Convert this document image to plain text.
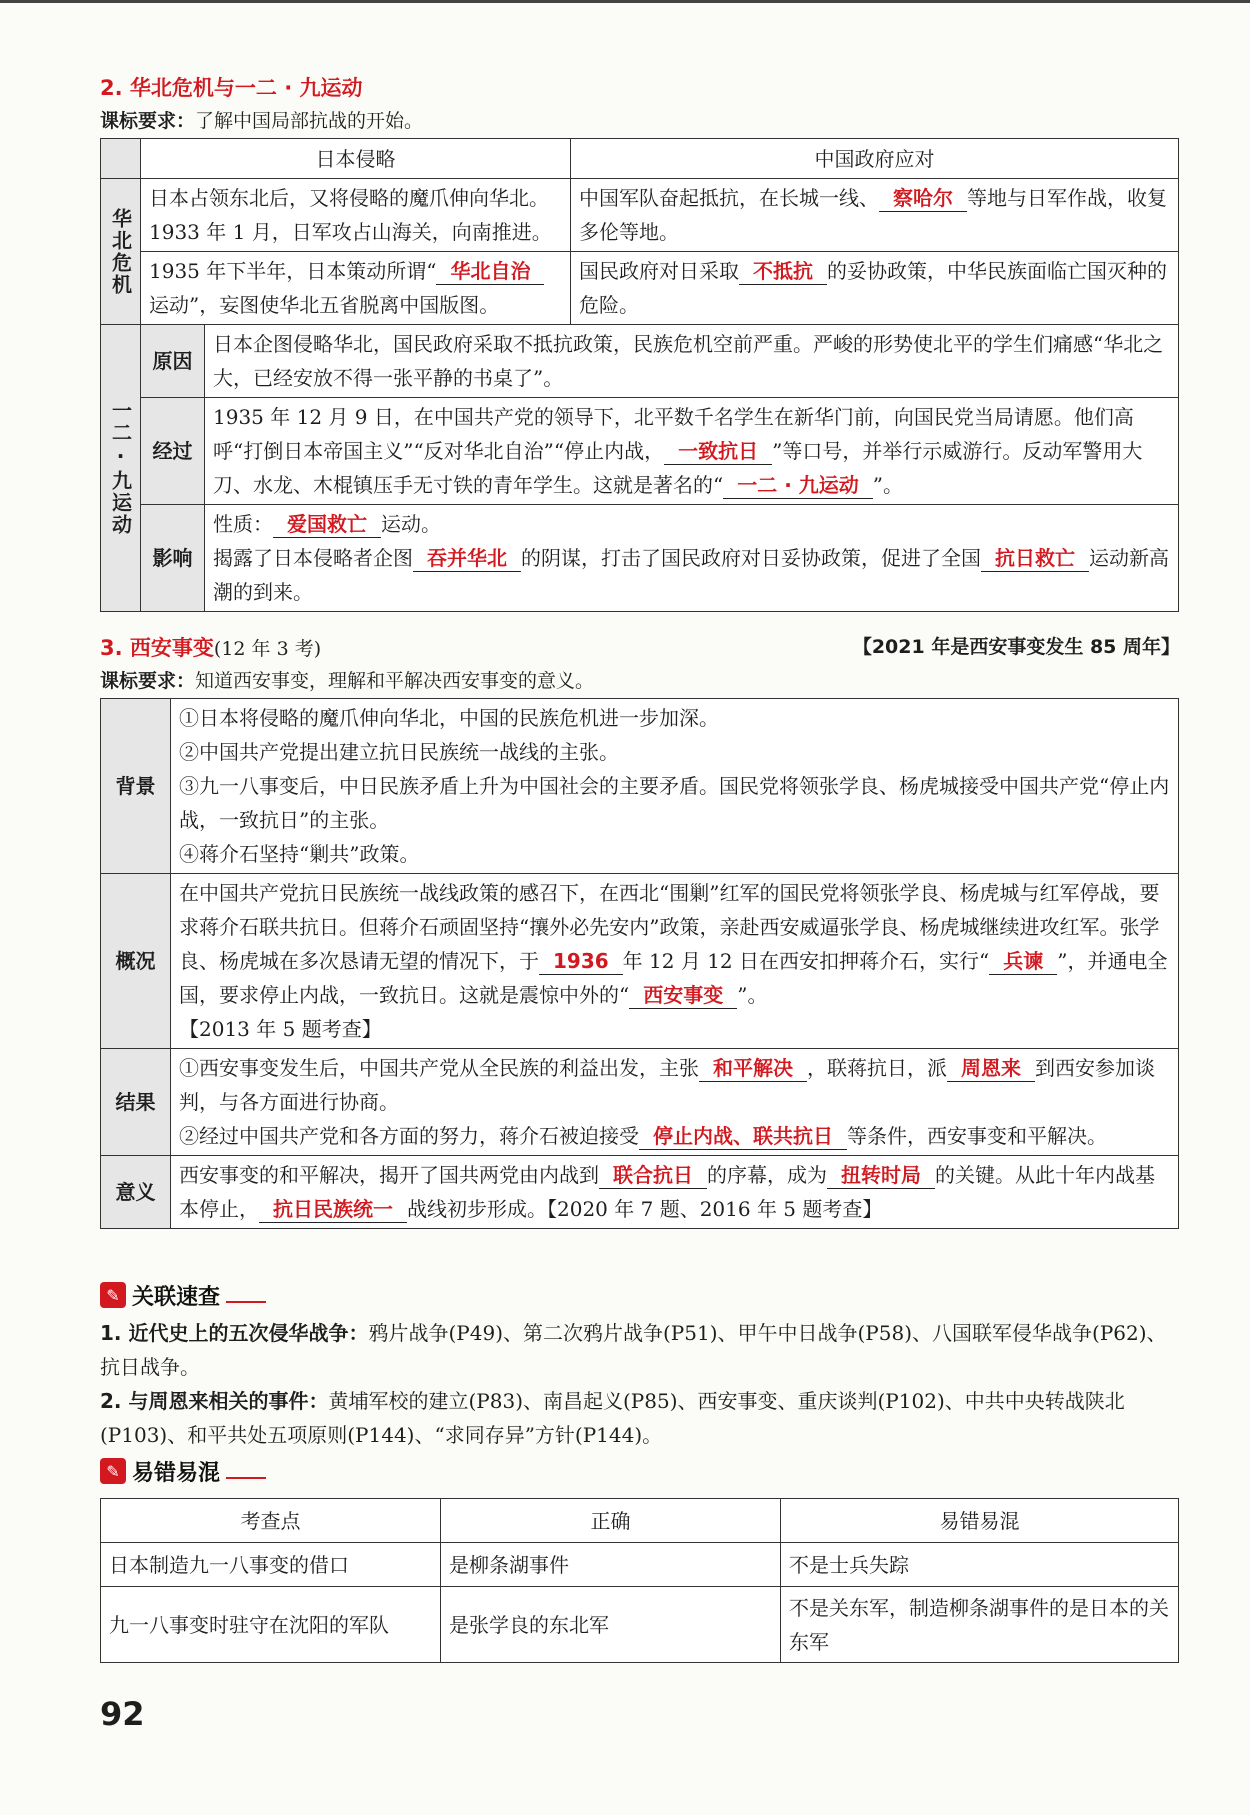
2. 华北危机与一二 · 九运动
课标要求：了解中国局部抗战的开始。
	日本侵略		中国政府应对
华北危机	日本占领东北后，又将侵略的魔爪伸向华北。1933 年 1 月，日军攻占山海关，向南推进。		中国军队奋起抵抗，在长城一线、 察哈尔 等地与日军作战，收复多伦等地。
	1935 年下半年，日本策动所谓“ 华北自治运动”，妄图使华北五省脱离中国版图。		国民政府对日采取 不抵抗 的妥协政策，中华民族面临亡国灭种的危险。
一二·九运动	原因	日本企图侵略华北，国民政府采取不抵抗政策，民族危机空前严重。严峻的形势使北平的学生们痛感“华北之大，已经安放不得一张平静的书桌了”。	
	经过	1935 年 12 月 9 日，在中国共产党的领导下，北平数千名学生在新华门前，向国民党当局请愿。他们高呼“打倒日本帝国主义”“反对华北自治”“停止内战， 一致抗日 ”等口号，并举行示威游行。反动军警用大刀、水龙、木棍镇压手无寸铁的青年学生。这就是著名的“ 一二 · 九运动 ”。	
	影响	性质： 爱国救亡 运动。
揭露了日本侵略者企图 吞并华北 的阴谋，打击了国民政府对日妥协政策，促进了全国 抗日救亡 运动新高潮的到来。	
3. 西安事变(12 年 3 考)	【2021 年是西安事变发生 85 周年】
课标要求：知道西安事变，理解和平解决西安事变的意义。
背景	①日本将侵略的魔爪伸向华北，中国的民族危机进一步加深。
②中国共产党提出建立抗日民族统一战线的主张。
③九一八事变后，中日民族矛盾上升为中国社会的主要矛盾。国民党将领张学良、杨虎城接受中国共产党“停止内战，一致抗日”的主张。
④蒋介石坚持“剿共”政策。

概况	在中国共产党抗日民族统一战线政策的感召下，在西北“围剿”红军的国民党将领张学良、杨虎城与红军停战，要求蒋介石联共抗日。但蒋介石顽固坚持“攘外必先安内”政策，亲赴西安威逼张学良、杨虎城继续进攻红军。张学良、杨虎城在多次恳请无望的情况下，于 1936 年 12 月 12 日在西安扣押蒋介石，实行“ 兵谏 ”，并通电全国，要求停止内战，一致抗日。这就是震惊中外的“ 西安事变 ”。
【2013 年 5 题考查】
结果	①西安事变发生后，中国共产党从全民族的利益出发，主张 和平解决 ，联蒋抗日，派 周恩来 到西安参加谈判，与各方面进行协商。
②经过中国共产党和各方面的努力，蒋介石被迫接受 停止内战、联共抗日 等条件，西安事变和平解决。

意义	西安事变的和平解决，揭开了国共两党由内战到 联合抗日 的序幕，成为 扭转时局 的关键。从此十年内战基本停止， 抗日民族统一 战线初步形成。【2020 年 7 题、2016 年 5 题考查】
✎ 关联速查
1. 近代史上的五次侵华战争：鸦片战争(P49)、第二次鸦片战争(P51)、甲午中日战争(P58)、八国联军侵华战争(P62)、抗日战争。
2. 与周恩来相关的事件：黄埔军校的建立(P83)、南昌起义(P85)、西安事变、重庆谈判(P102)、中共中央转战陕北(P103)、和平共处五项原则(P144)、“求同存异”方针(P144)。
✎ 易错易混
考查点	正确	易错易混
日本制造九一八事变的借口	是柳条湖事件	不是士兵失踪
九一八事变时驻守在沈阳的军队	是张学良的东北军	不是关东军，制造柳条湖事件的是日本的关东军
92
